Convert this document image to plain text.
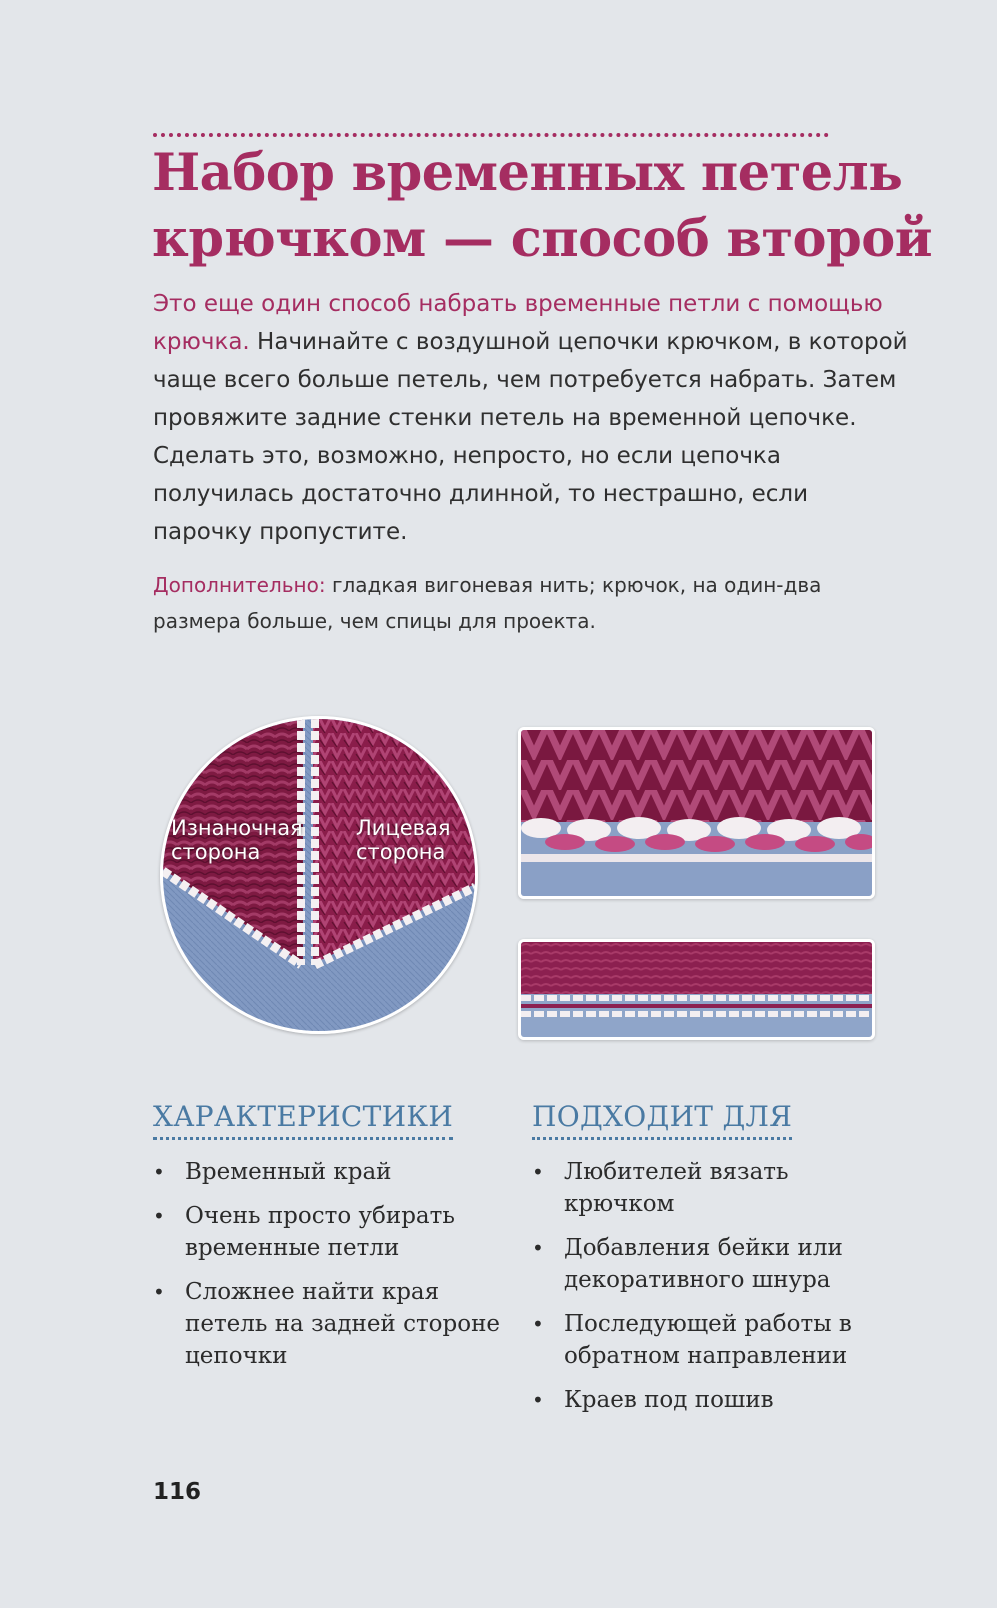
Набор временных петель крючком — способ второй

Это еще один способ набрать временные петли с помощью крючка. Начинайте с воздушной цепочки крючком, в которой чаще всего больше петель, чем потребуется набрать. Затем провяжите задние стенки петель на временной цепочке. Сделать это, возможно, непросто, но если цепочка получилась достаточно длинной, то нестрашно, если парочку пропустите.

Дополнительно: гладкая вигоневая нить; крючок, на один-два размера больше, чем спицы для проекта.

Изнаночная
сторона
Лицевая
сторона
ХАРАКТЕРИСТИКИ
• Временный край
• Очень просто убирать временные петли
• Сложнее найти края петель на задней стороне цепочки
ПОДХОДИТ ДЛЯ
• Любителей вязать крючком
• Добавления бейки или декоративного шнура
• Последующей работы в обратном направлении
• Краев под пошив
116
